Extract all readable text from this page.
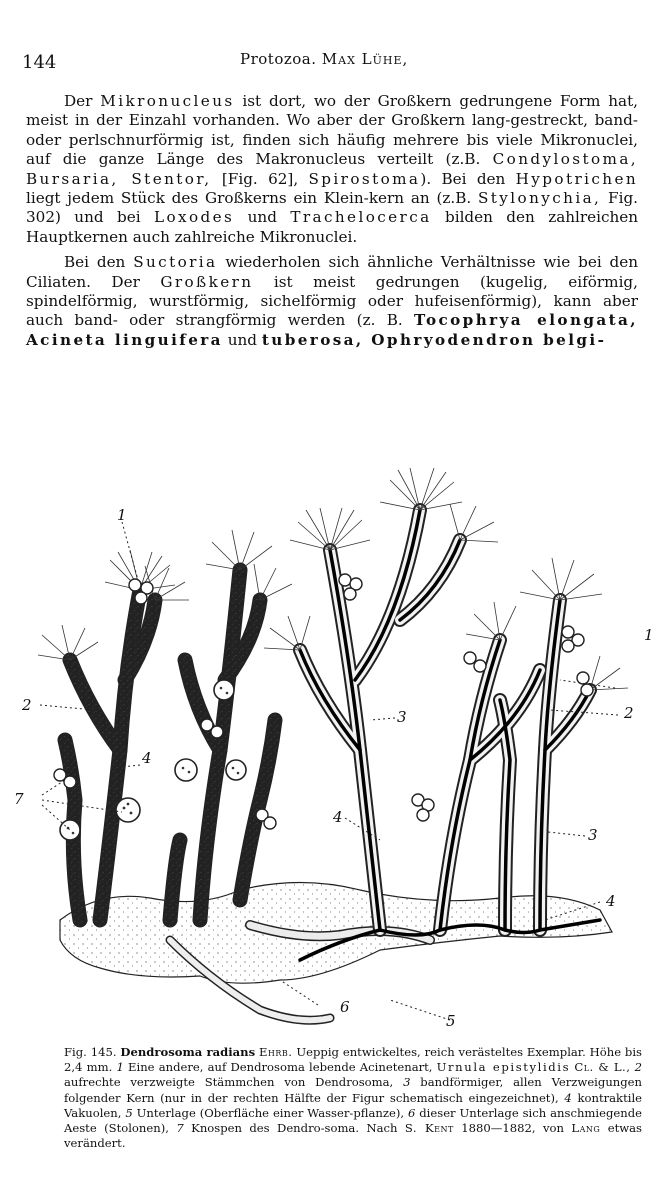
144	Protozoa. Max Lühe,

Der Mikronucleus ist dort, wo der Großkern gedrungene Form hat, meist in der Einzahl vorhanden. Wo aber der Großkern lang-gestreckt, band- oder perlschnurförmig ist, finden sich häufig mehrere bis viele Mikronuclei, auf die ganze Länge des Makronucleus verteilt (z.B. Condylostoma, Bursaria, Stentor, [Fig. 62], Spirostoma). Bei den Hypotrichen liegt jedem Stück des Großkerns ein Klein-kern an (z.B. Stylonychia, Fig. 302) und bei Loxodes und Trachelocerca bilden den zahlreichen Hauptkernen auch zahlreiche Mikronuclei.

Bei den Suctoria wiederholen sich ähnliche Verhältnisse wie bei den Ciliaten. Der Großkern ist meist gedrungen (kugelig, eiförmig, spindelförmig, wurstförmig, sichelförmig oder hufeisenförmig), kann aber auch band- oder strangförmig werden (z. B. Tocophrya elongata, Acineta linguifera und tuberosa, Ophryodendron belgi-

1
2
4
7
3
4
6
5
4
1
2
3
Fig. 145. Dendrosoma radians Ehrb. Ueppig entwickeltes, reich verästeltes Exemplar. Höhe bis 2,4 mm. 1 Eine andere, auf Dendrosoma lebende Acinetenart, Urnula epistylidis Cl. & L., 2 aufrechte verzweigte Stämmchen von Dendrosoma, 3 bandförmiger, allen Verzweigungen folgender Kern (nur in der rechten Hälfte der Figur schematisch eingezeichnet), 4 kontraktile Vakuolen, 5 Unterlage (Oberfläche einer Wasser-pflanze), 6 dieser Unterlage sich anschmiegende Aeste (Stolonen), 7 Knospen des Dendro-soma. Nach S. Kent 1880—1882, von Lang etwas verändert.
